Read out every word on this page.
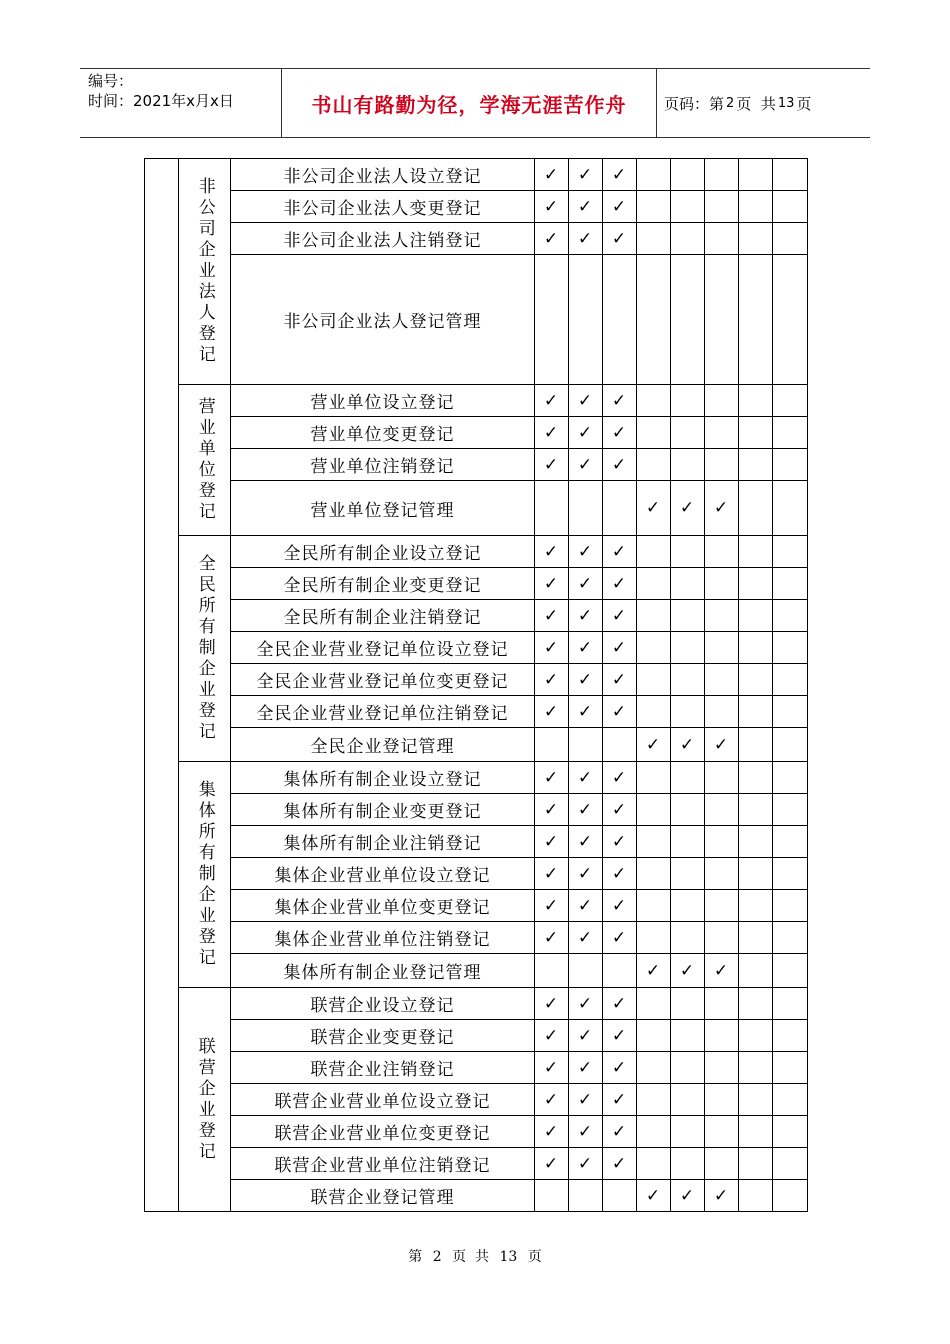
编号：
时间：2021年x月x日	书山有路勤为径，学海无涯苦作舟	页码：第 2 页  共 13 页
	非公司企业法人登记	非公司企业法人设立登记	✓	✓	✓					
		非公司企业法人变更登记	✓	✓	✓					
		非公司企业法人注销登记	✓	✓	✓					
		非公司企业法人登记管理								
	营业单位登记	营业单位设立登记	✓	✓	✓					
		营业单位变更登记	✓	✓	✓					
		营业单位注销登记	✓	✓	✓					
		营业单位登记管理				✓	✓	✓		
	全民所有制企业登记	全民所有制企业设立登记	✓	✓	✓					
		全民所有制企业变更登记	✓	✓	✓					
		全民所有制企业注销登记	✓	✓	✓					
		全民企业营业登记单位设立登记	✓	✓	✓					
		全民企业营业登记单位变更登记	✓	✓	✓					
		全民企业营业登记单位注销登记	✓	✓	✓					
		全民企业登记管理				✓	✓	✓		
	集体所有制企业登记	集体所有制企业设立登记	✓	✓	✓					
		集体所有制企业变更登记	✓	✓	✓					
		集体所有制企业注销登记	✓	✓	✓					
		集体企业营业单位设立登记	✓	✓	✓					
		集体企业营业单位变更登记	✓	✓	✓					
		集体企业营业单位注销登记	✓	✓	✓					
		集体所有制企业登记管理				✓	✓	✓		
	联营企业登记	联营企业设立登记	✓	✓	✓					
		联营企业变更登记	✓	✓	✓					
		联营企业注销登记	✓	✓	✓					
		联营企业营业单位设立登记	✓	✓	✓					
		联营企业营业单位变更登记	✓	✓	✓					
		联营企业营业单位注销登记	✓	✓	✓					
		联营企业登记管理				✓	✓	✓		
第 2 页  共 13 页
